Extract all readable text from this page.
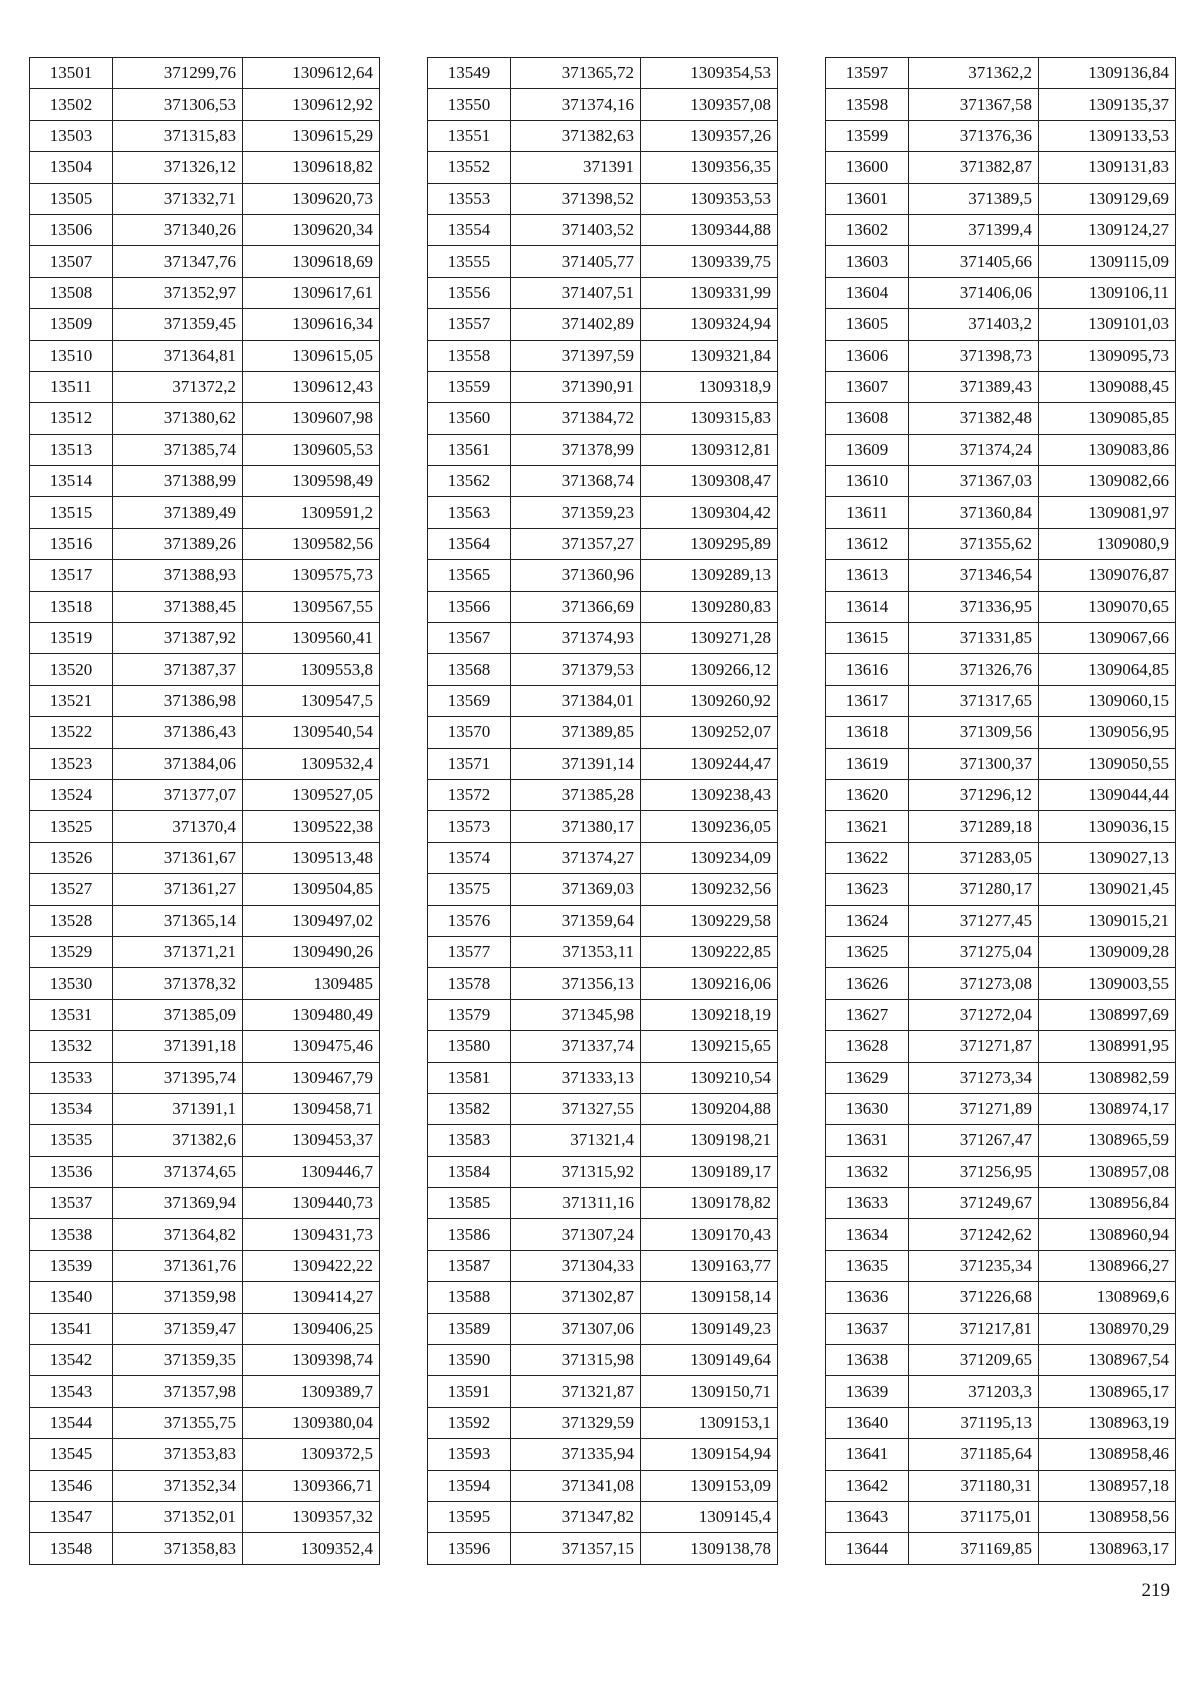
13501	371299,76	1309612,64
13502	371306,53	1309612,92
13503	371315,83	1309615,29
13504	371326,12	1309618,82
13505	371332,71	1309620,73
13506	371340,26	1309620,34
13507	371347,76	1309618,69
13508	371352,97	1309617,61
13509	371359,45	1309616,34
13510	371364,81	1309615,05
13511	371372,2	1309612,43
13512	371380,62	1309607,98
13513	371385,74	1309605,53
13514	371388,99	1309598,49
13515	371389,49	1309591,2
13516	371389,26	1309582,56
13517	371388,93	1309575,73
13518	371388,45	1309567,55
13519	371387,92	1309560,41
13520	371387,37	1309553,8
13521	371386,98	1309547,5
13522	371386,43	1309540,54
13523	371384,06	1309532,4
13524	371377,07	1309527,05
13525	371370,4	1309522,38
13526	371361,67	1309513,48
13527	371361,27	1309504,85
13528	371365,14	1309497,02
13529	371371,21	1309490,26
13530	371378,32	1309485
13531	371385,09	1309480,49
13532	371391,18	1309475,46
13533	371395,74	1309467,79
13534	371391,1	1309458,71
13535	371382,6	1309453,37
13536	371374,65	1309446,7
13537	371369,94	1309440,73
13538	371364,82	1309431,73
13539	371361,76	1309422,22
13540	371359,98	1309414,27
13541	371359,47	1309406,25
13542	371359,35	1309398,74
13543	371357,98	1309389,7
13544	371355,75	1309380,04
13545	371353,83	1309372,5
13546	371352,34	1309366,71
13547	371352,01	1309357,32
13548	371358,83	1309352,4
13549	371365,72	1309354,53
13550	371374,16	1309357,08
13551	371382,63	1309357,26
13552	371391	1309356,35
13553	371398,52	1309353,53
13554	371403,52	1309344,88
13555	371405,77	1309339,75
13556	371407,51	1309331,99
13557	371402,89	1309324,94
13558	371397,59	1309321,84
13559	371390,91	1309318,9
13560	371384,72	1309315,83
13561	371378,99	1309312,81
13562	371368,74	1309308,47
13563	371359,23	1309304,42
13564	371357,27	1309295,89
13565	371360,96	1309289,13
13566	371366,69	1309280,83
13567	371374,93	1309271,28
13568	371379,53	1309266,12
13569	371384,01	1309260,92
13570	371389,85	1309252,07
13571	371391,14	1309244,47
13572	371385,28	1309238,43
13573	371380,17	1309236,05
13574	371374,27	1309234,09
13575	371369,03	1309232,56
13576	371359,64	1309229,58
13577	371353,11	1309222,85
13578	371356,13	1309216,06
13579	371345,98	1309218,19
13580	371337,74	1309215,65
13581	371333,13	1309210,54
13582	371327,55	1309204,88
13583	371321,4	1309198,21
13584	371315,92	1309189,17
13585	371311,16	1309178,82
13586	371307,24	1309170,43
13587	371304,33	1309163,77
13588	371302,87	1309158,14
13589	371307,06	1309149,23
13590	371315,98	1309149,64
13591	371321,87	1309150,71
13592	371329,59	1309153,1
13593	371335,94	1309154,94
13594	371341,08	1309153,09
13595	371347,82	1309145,4
13596	371357,15	1309138,78
13597	371362,2	1309136,84
13598	371367,58	1309135,37
13599	371376,36	1309133,53
13600	371382,87	1309131,83
13601	371389,5	1309129,69
13602	371399,4	1309124,27
13603	371405,66	1309115,09
13604	371406,06	1309106,11
13605	371403,2	1309101,03
13606	371398,73	1309095,73
13607	371389,43	1309088,45
13608	371382,48	1309085,85
13609	371374,24	1309083,86
13610	371367,03	1309082,66
13611	371360,84	1309081,97
13612	371355,62	1309080,9
13613	371346,54	1309076,87
13614	371336,95	1309070,65
13615	371331,85	1309067,66
13616	371326,76	1309064,85
13617	371317,65	1309060,15
13618	371309,56	1309056,95
13619	371300,37	1309050,55
13620	371296,12	1309044,44
13621	371289,18	1309036,15
13622	371283,05	1309027,13
13623	371280,17	1309021,45
13624	371277,45	1309015,21
13625	371275,04	1309009,28
13626	371273,08	1309003,55
13627	371272,04	1308997,69
13628	371271,87	1308991,95
13629	371273,34	1308982,59
13630	371271,89	1308974,17
13631	371267,47	1308965,59
13632	371256,95	1308957,08
13633	371249,67	1308956,84
13634	371242,62	1308960,94
13635	371235,34	1308966,27
13636	371226,68	1308969,6
13637	371217,81	1308970,29
13638	371209,65	1308967,54
13639	371203,3	1308965,17
13640	371195,13	1308963,19
13641	371185,64	1308958,46
13642	371180,31	1308957,18
13643	371175,01	1308958,56
13644	371169,85	1308963,17
219
